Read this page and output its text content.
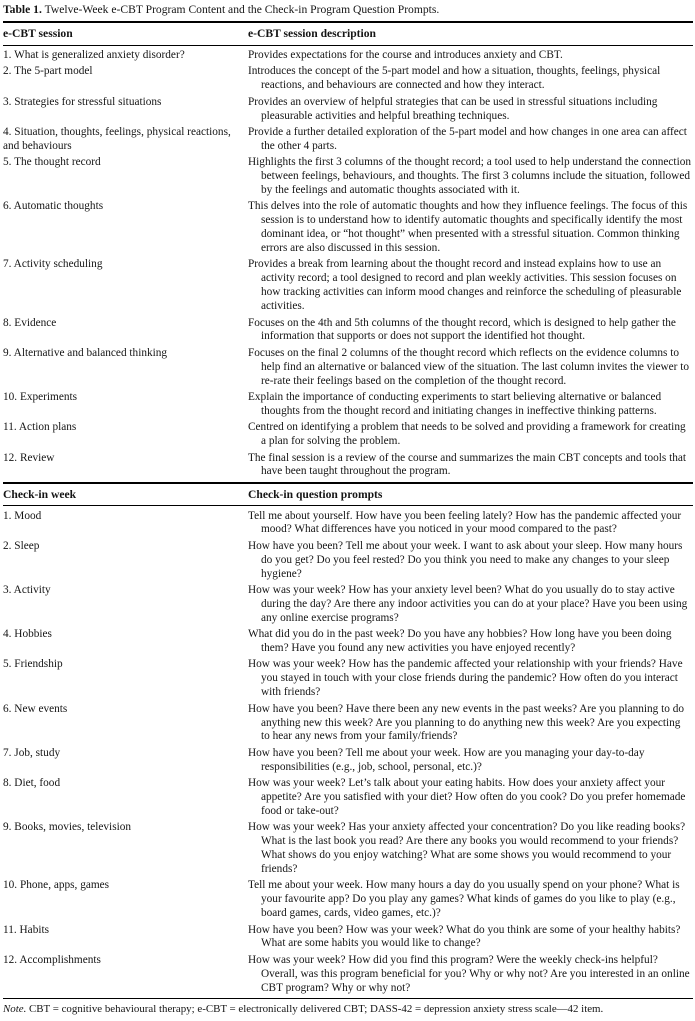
Table 1. Twelve-Week e-CBT Program Content and the Check-in Program Question Prompts.

e-CBT session	e-CBT session description
1. What is generalized anxiety disorder?	Provides expectations for the course and introduces anxiety and CBT.
2. The 5-part model	Introduces the concept of the 5-part model and how a situation, thoughts, feelings, physical reactions, and behaviours are connected and how they interact.
3. Strategies for stressful situations	Provides an overview of helpful strategies that can be used in stressful situations including pleasurable activities and helpful breathing techniques.
4. Situation, thoughts, feelings, physical reactions, and behaviours	Provide a further detailed exploration of the 5-part model and how changes in one area can affect the other 4 parts.
5. The thought record	Highlights the first 3 columns of the thought record; a tool used to help understand the connection between feelings, behaviours, and thoughts. The first 3 columns include the situation, followed by the feelings and automatic thoughts associated with it.
6. Automatic thoughts	This delves into the role of automatic thoughts and how they influence feelings. The focus of this session is to understand how to identify automatic thoughts and specifically identify the most dominant idea, or “hot thought” when presented with a stressful situation. Common thinking errors are also discussed in this session.
7. Activity scheduling	Provides a break from learning about the thought record and instead explains how to use an activity record; a tool designed to record and plan weekly activities. This session focuses on how tracking activities can inform mood changes and reinforce the scheduling of pleasurable activities.
8. Evidence	Focuses on the 4th and 5th columns of the thought record, which is designed to help gather the information that supports or does not support the identified hot thought.
9. Alternative and balanced thinking	Focuses on the final 2 columns of the thought record which reflects on the evidence columns to help find an alternative or balanced view of the situation. The last column invites the viewer to re-rate their feelings based on the completion of the thought record.
10. Experiments	Explain the importance of conducting experiments to start believing alternative or balanced thoughts from the thought record and initiating changes in ineffective thinking patterns.
11. Action plans	Centred on identifying a problem that needs to be solved and providing a framework for creating a plan for solving the problem.
12. Review	The final session is a review of the course and summarizes the main CBT concepts and tools that have been taught throughout the program.
Check-in week	Check-in question prompts
1. Mood	Tell me about yourself. How have you been feeling lately? How has the pandemic affected your mood? What differences have you noticed in your mood compared to the past?
2. Sleep	How have you been? Tell me about your week. I want to ask about your sleep. How many hours do you get? Do you feel rested? Do you think you need to make any changes to your sleep hygiene?
3. Activity	How was your week? How has your anxiety level been? What do you usually do to stay active during the day? Are there any indoor activities you can do at your place? Have you been using any online exercise programs?
4. Hobbies	What did you do in the past week? Do you have any hobbies? How long have you been doing them? Have you found any new activities you have enjoyed recently?
5. Friendship	How was your week? How has the pandemic affected your relationship with your friends? Have you stayed in touch with your close friends during the pandemic? How often do you interact with friends?
6. New events	How have you been? Have there been any new events in the past weeks? Are you planning to do anything new this week? Are you planning to do anything new this week? Are you expecting to hear any news from your family/friends?
7. Job, study	How have you been? Tell me about your week. How are you managing your day-to-day responsibilities (e.g., job, school, personal, etc.)?
8. Diet, food	How was your week? Let’s talk about your eating habits. How does your anxiety affect your appetite? Are you satisfied with your diet? How often do you cook? Do you prefer homemade food or take-out?
9. Books, movies, television	How was your week? Has your anxiety affected your concentration? Do you like reading books? What is the last book you read? Are there any books you would recommend to your friends? What shows do you enjoy watching? What are some shows you would recommend to your friends?
10. Phone, apps, games	Tell me about your week. How many hours a day do you usually spend on your phone? What is your favourite app? Do you play any games? What kinds of games do you like to play (e.g., board games, cards, video games, etc.)?
11. Habits	How have you been? How was your week? What do you think are some of your healthy habits? What are some habits you would like to change?
12. Accomplishments	How was your week? How did you find this program? Were the weekly check-ins helpful? Overall, was this program beneficial for you? Why or why not? Are you interested in an online CBT program? Why or why not?

Note. CBT = cognitive behavioural therapy; e-CBT = electronically delivered CBT; DASS-42 = depression anxiety stress scale—42 item.
